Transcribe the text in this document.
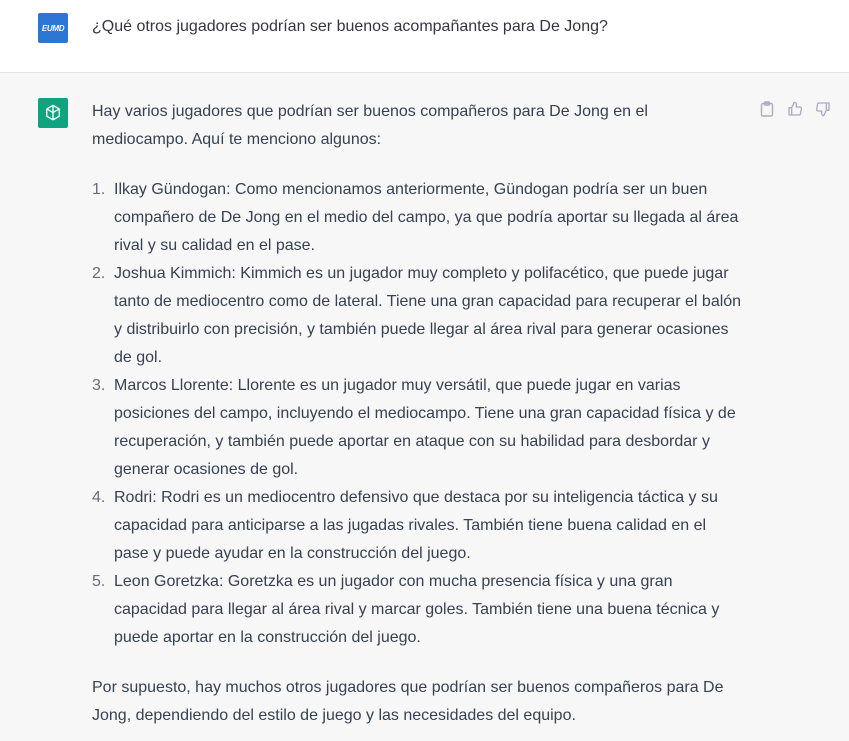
EUMD ¿Qué otros jugadores podrían ser buenos acompañantes para De Jong?

Hay varios jugadores que podrían ser buenos compañeros para De Jong en el mediocampo. Aquí te menciono algunos:

1. Ilkay Gündogan: Como mencionamos anteriormente, Gündogan podría ser un buen compañero de De Jong en el medio del campo, ya que podría aportar su llegada al área rival y su calidad en el pase.
2. Joshua Kimmich: Kimmich es un jugador muy completo y polifacético, que puede jugar tanto de mediocentro como de lateral. Tiene una gran capacidad para recuperar el balón y distribuirlo con precisión, y también puede llegar al área rival para generar ocasiones de gol.
3. Marcos Llorente: Llorente es un jugador muy versátil, que puede jugar en varias posiciones del campo, incluyendo el mediocampo. Tiene una gran capacidad física y de recuperación, y también puede aportar en ataque con su habilidad para desbordar y generar ocasiones de gol.
4. Rodri: Rodri es un mediocentro defensivo que destaca por su inteligencia táctica y su capacidad para anticiparse a las jugadas rivales. También tiene buena calidad en el pase y puede ayudar en la construcción del juego.
5. Leon Goretzka: Goretzka es un jugador con mucha presencia física y una gran capacidad para llegar al área rival y marcar goles. También tiene una buena técnica y puede aportar en la construcción del juego.

Por supuesto, hay muchos otros jugadores que podrían ser buenos compañeros para De Jong, dependiendo del estilo de juego y las necesidades del equipo.
